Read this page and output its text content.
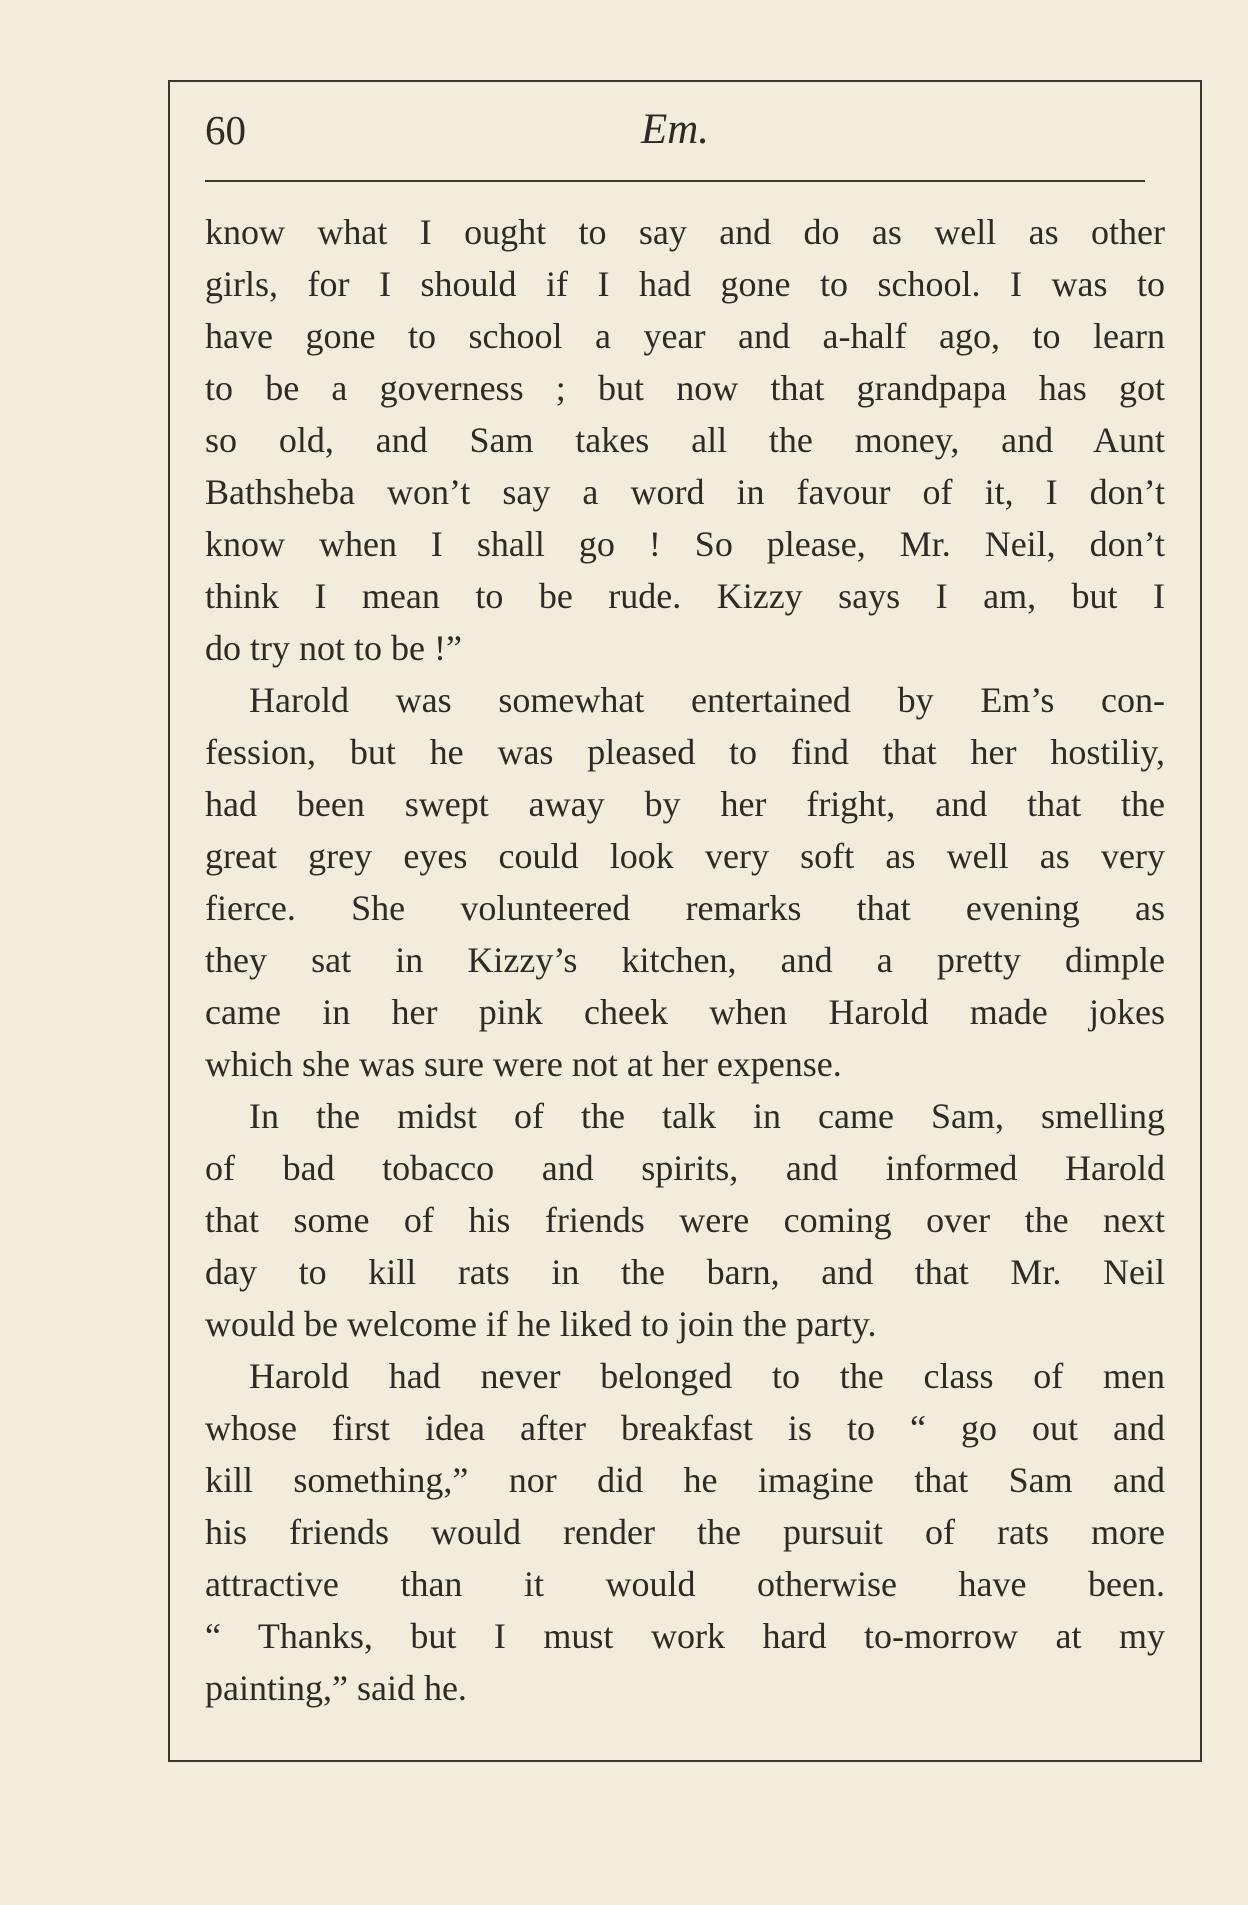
60	Em.
know what I ought to say and do as well as other
girls, for I should if I had gone to school. I was to
have gone to school a year and a-half ago, to learn
to be a governess ; but now that grandpapa has got
so old, and Sam takes all the money, and Aunt
Bathsheba won’t say a word in favour of it, I don’t
know when I shall go ! So please, Mr. Neil, don’t
think I mean to be rude. Kizzy says I am, but I
do try not to be !”
Harold was somewhat entertained by Em’s con-
fession, but he was pleased to find that her hostiliy,
had been swept away by her fright, and that the
great grey eyes could look very soft as well as very
fierce. She volunteered remarks that evening as
they sat in Kizzy’s kitchen, and a pretty dimple
came in her pink cheek when Harold made jokes
which she was sure were not at her expense.
In the midst of the talk in came Sam, smelling
of bad tobacco and spirits, and informed Harold
that some of his friends were coming over the next
day to kill rats in the barn, and that Mr. Neil
would be welcome if he liked to join the party.
Harold had never belonged to the class of men
whose first idea after breakfast is to “ go out and
kill something,” nor did he imagine that Sam and
his friends would render the pursuit of rats more
attractive than it would otherwise have been.
“ Thanks, but I must work hard to-morrow at my
painting,” said he.
